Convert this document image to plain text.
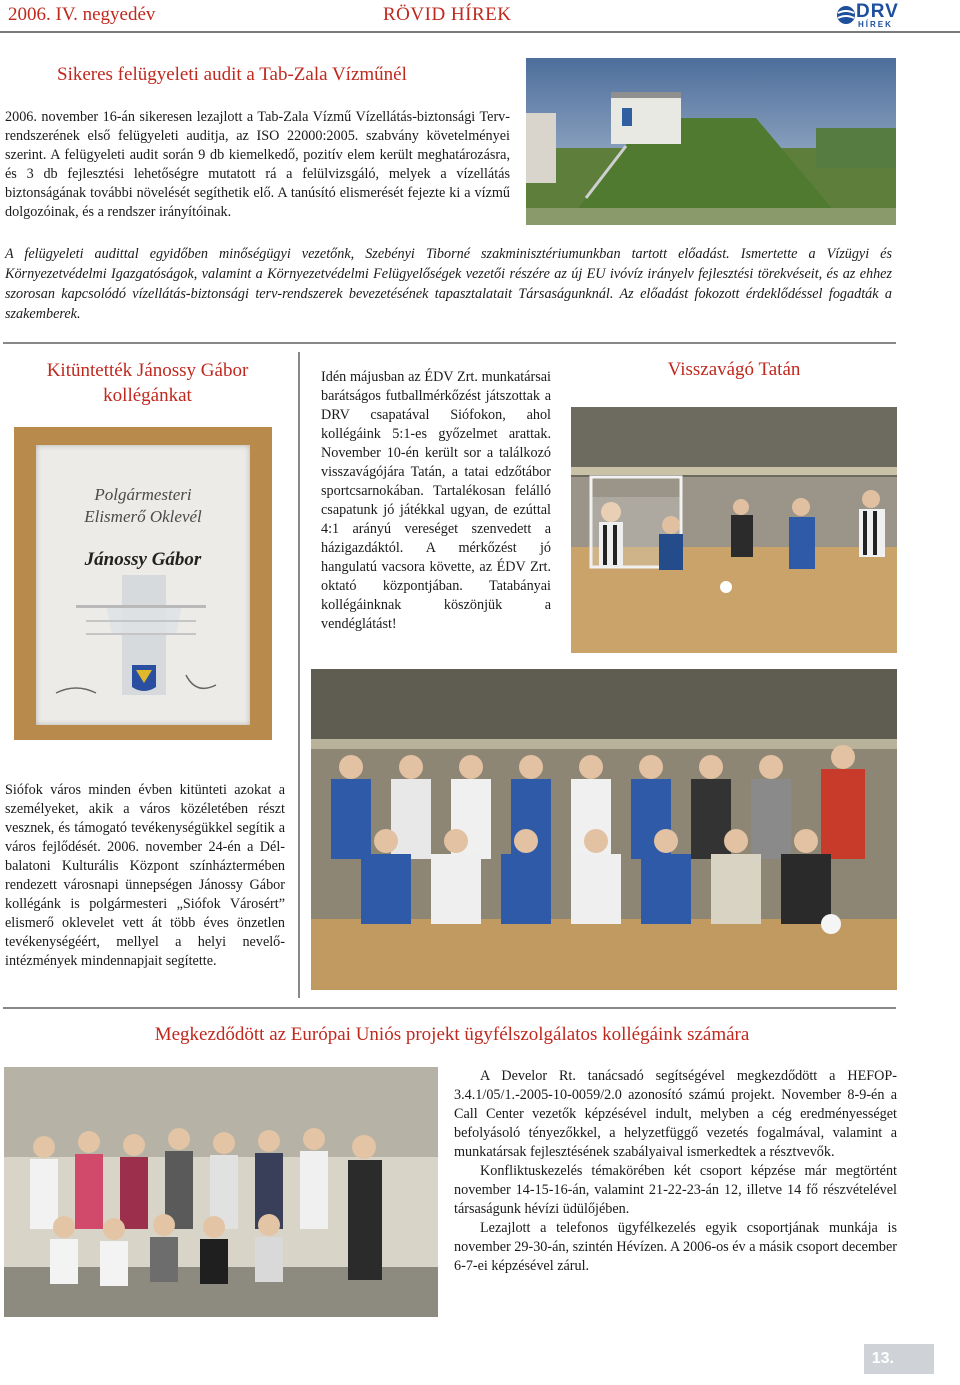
2006. IV. negyedév	RÖVID HÍREK	DRV
HÍREK
Sikeres felügyeleti audit a Tab-Zala Vízműnél
2006. november 16-án sikeresen lezajlott a Tab-Zala Vízmű Vízellátás-biztonsági Terv-rendszerének első felügyeleti auditja, az ISO 22000:2005. szabvány követelményei szerint. A felügyeleti audit során 9 db kiemelkedő, pozitív elem került meghatározásra, és 3 db fejlesztési lehetőségre mutatott rá a felülvizsgáló, melyek a vízellátás biztonságának további növelését segíthetik elő. A tanúsító elismerését fejezte ki a vízmű dolgozóinak, és a rendszer irányítóinak.
A felügyeleti audittal egyidőben minőségügyi vezetőnk, Szebényi Tiborné szakminisztériumunkban tartott előadást. Ismertette a Vízügyi és Környezetvédelmi Igazgatóságok, valamint a Környezetvédelmi Felügyelőségek vezetői részére az új EU ivóvíz irányelv fejlesztési törekvéseit, és az ehhez szorosan kapcsolódó vízellátás-biztonsági terv-rendszerek bevezetésének tapasztalatait Társaságunknál. Az előadást fokozott érdeklődéssel fogadták a szakemberek.
Kitüntették Jánossy Gábor
kollégánkat
Polgármesteri
Elismerő Oklevél
Jánossy Gábor
Siófok város minden évben kitünteti azokat a személyeket, akik a város közéletében részt vesznek, és támogató tevékenységükkel segítik a város fejlődését. 2006. november 24-én a Dél-balatoni Kulturális Központ színháztermében rendezett városnapi ünnepségen Jánossy Gábor kollégánk is polgármesteri „Siófok Városért” elismerő oklevelet vett át több éves önzetlen tevékenységéért, mellyel a helyi nevelő-intézmények mindennapjait segítette.
Idén májusban az ÉDV Zrt. munkatársai barátságos futballmérkőzést játszottak a DRV csapatával Siófokon, ahol kollégáink 5:1-es győzelmet arattak. November 10-én került sor a találkozó visszavágójára Tatán, a tatai edzőtábor sportcsarnokában. Tartalékosan felálló csapatunk jó játékkal ugyan, de ezúttal 4:1 arányú vereséget szenvedett a házigazdáktól. A mérkőzést jó hangulatú vacsora követte, az ÉDV Zrt. oktató központjában. Tatabányai kollégáinknak köszönjük a vendéglátást!
Visszavágó Tatán
Megkezdődött az Európai Uniós projekt ügyfélszolgálatos kollégáink számára
A Develor Rt. tanácsadó segítségével megkezdődött a HEFOP-3.4.1/05/1.-2005-10-0059/2.0 azonosító számú projekt. November 8-9-én a Call Center vezetők képzésével indult, melyben a cég eredményességet befolyásoló tényezőkkel, a helyzetfüggő vezetés fogalmával, valamint a munkatársak fejlesztésének szabályaival ismerkedtek a résztvevők.
Konfliktuskezelés témakörében két csoport képzése már megtörtént november 14-15-16-án, valamint 21-22-23-án 12, illetve 14 fő részvételével társaságunk hévízi üdülőjében.
Lezajlott a telefonos ügyfélkezelés egyik csoportjának munkája is november 29-30-án, szintén Hévízen. A 2006-os év a másik csoport december 6-7-ei képzésével zárul.
13.
